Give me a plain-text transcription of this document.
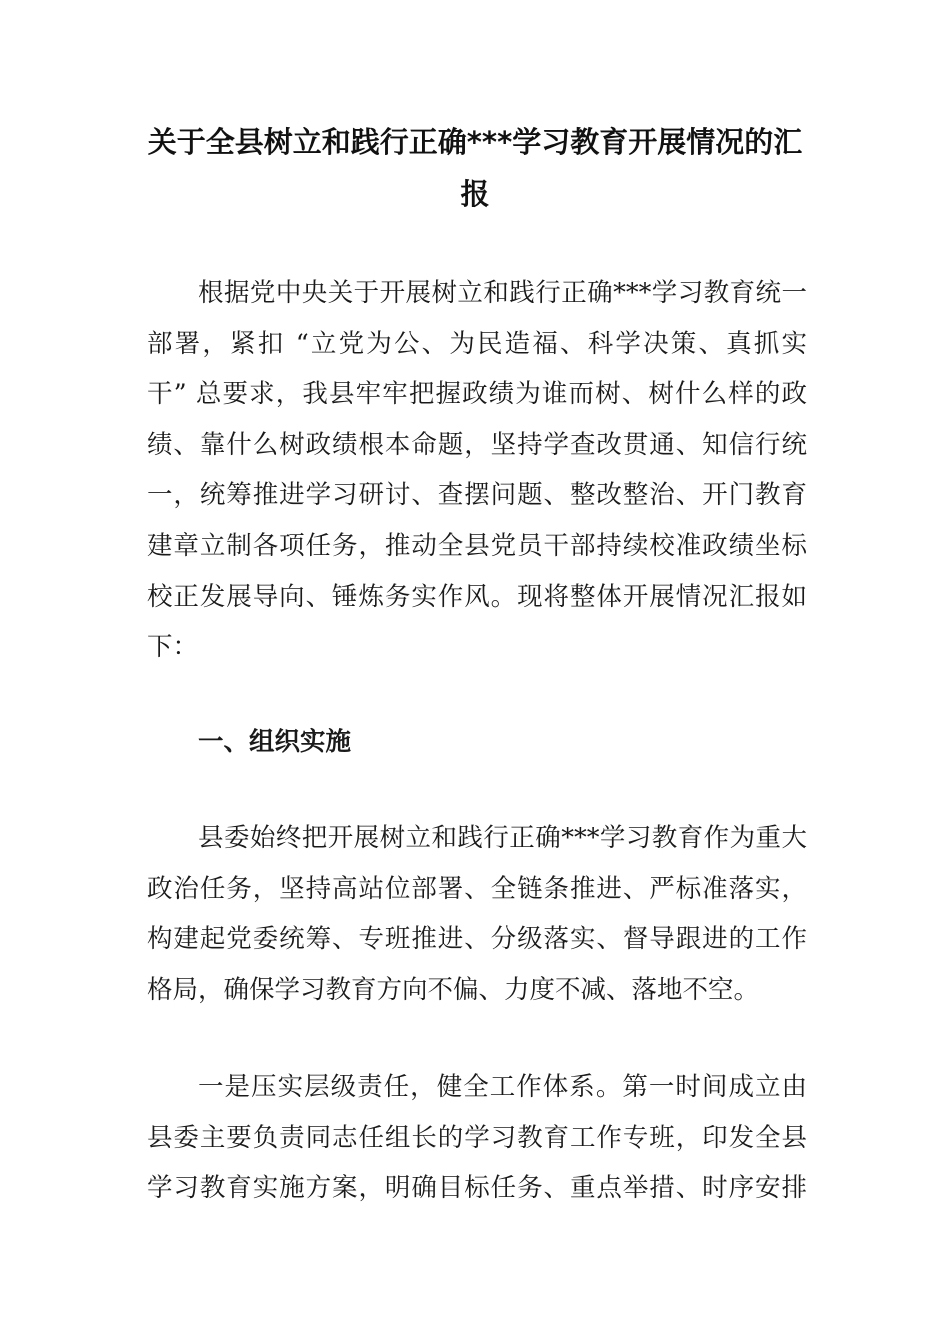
关于全县树立和践行正确***学习教育开展情况的汇
报
根据党中央关于开展树立和践行正确***学习教育统一
部署，紧扣 “立党为公、为民造福、科学决策、真抓实
干” 总要求，我县牢牢把握政绩为谁而树、树什么样的政
绩、靠什么树政绩根本命题，坚持学查改贯通、知信行统
一，统筹推进学习研讨、查摆问题、整改整治、开门教育
建章立制各项任务，推动全县党员干部持续校准政绩坐标
校正发展导向、锤炼务实作风。现将整体开展情况汇报如
下：
一、组织实施
县委始终把开展树立和践行正确***学习教育作为重大
政治任务，坚持高站位部署、全链条推进、严标准落实，
构建起党委统筹、专班推进、分级落实、督导跟进的工作
格局，确保学习教育方向不偏、力度不减、落地不空。
一是压实层级责任，健全工作体系。第一时间成立由
县委主要负责同志任组长的学习教育工作专班，印发全县
学习教育实施方案，明确目标任务、重点举措、时序安排
